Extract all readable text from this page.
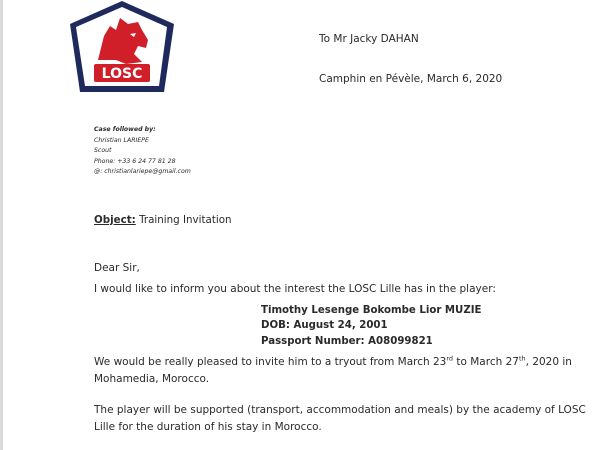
LOSC
To Mr Jacky DAHAN
Camphin en Pévèle, March 6, 2020
Case followed by:
Christian LARIEPE
Scout
Phone: +33 6 24 77 81 28
@: christianlariepe@gmail.com
Object: Training Invitation
Dear Sir,
I would like to inform you about the interest the LOSC Lille has in the player:
Timothy Lesenge Bokombe Lior MUZIE
DOB: August 24, 2001
Passport Number: A08099821
We would be really pleased to invite him to a tryout from March 23rd to March 27th, 2020 in Mohamedia, Morocco.
The player will be supported (transport, accommodation and meals) by the academy of LOSC Lille for the duration of his stay in Morocco.
